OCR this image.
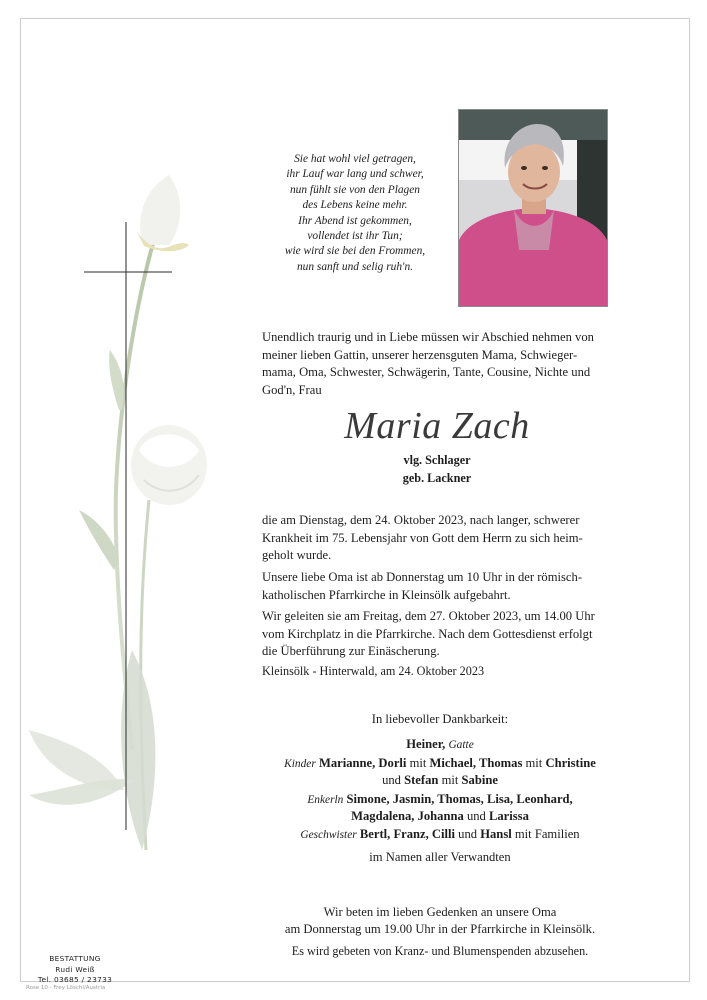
Sie hat wohl viel getragen,
ihr Lauf war lang und schwer,
nun fühlt sie von den Plagen
des Lebens keine mehr.
Ihr Abend ist gekommen,
vollendet ist ihr Tun;
wie wird sie bei den Frommen,
nun sanft und selig ruh'n.
Unendlich traurig und in Liebe müssen wir Abschied nehmen von
meiner lieben Gattin, unserer herzensguten Mama, Schwieger-
mama, Oma, Schwester, Schwägerin, Tante, Cousine, Nichte und
God'n, Frau
Maria Zach
vlg. Schlager
geb. Lackner
die am Dienstag, dem 24. Oktober 2023, nach langer, schwerer
Krankheit im 75. Lebensjahr von Gott dem Herrn zu sich heim-
geholt wurde.
Unsere liebe Oma ist ab Donnerstag um 10 Uhr in der römisch-
katholischen Pfarrkirche in Kleinsölk aufgebahrt.
Wir geleiten sie am Freitag, dem 27. Oktober 2023, um 14.00 Uhr
vom Kirchplatz in die Pfarrkirche. Nach dem Gottesdienst erfolgt
die Überführung zur Einäscherung.
Kleinsölk - Hinterwald, am 24. Oktober 2023
In liebevoller Dankbarkeit:
Heiner, Gatte
Kinder Marianne, Dorli mit Michael, Thomas mit Christine
und Stefan mit Sabine
Enkerln Simone, Jasmin, Thomas, Lisa, Leonhard,
Magdalena, Johanna und Larissa
Geschwister Bertl, Franz, Cilli und Hansl mit Familien
im Namen aller Verwandten
Wir beten im lieben Gedenken an unsere Oma
am Donnerstag um 19.00 Uhr in der Pfarrkirche in Kleinsölk.
Es wird gebeten von Kranz- und Blumenspenden abzusehen.
BESTATTUNG
Rudi Weiß
Tel. 03685 / 23733
Rose 10 - Frey Löschl/Austria
